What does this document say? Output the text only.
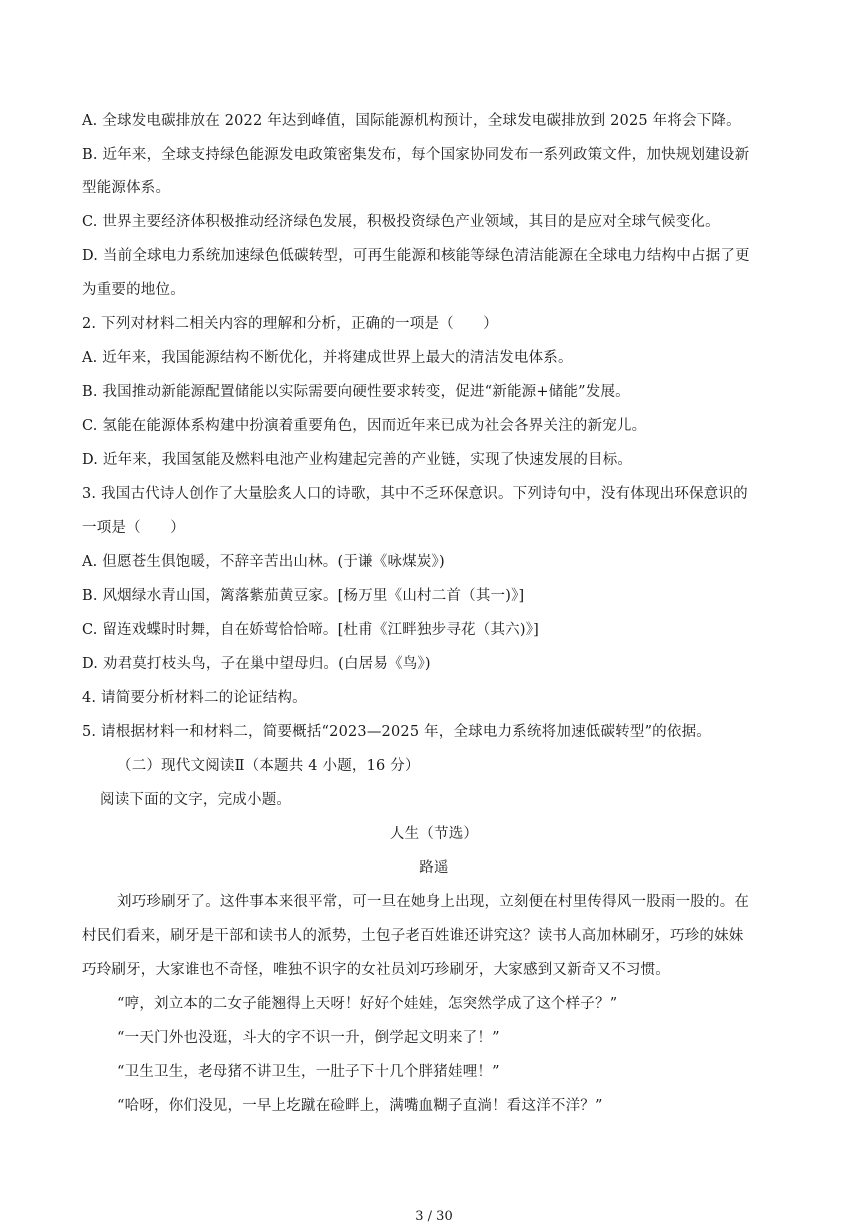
A. 全球发电碳排放在 2022 年达到峰值，国际能源机构预计，全球发电碳排放到 2025 年将会下降。
B. 近年来，全球支持绿色能源发电政策密集发布，每个国家协同发布一系列政策文件，加快规划建设新
型能源体系。
C. 世界主要经济体积极推动经济绿色发展，积极投资绿色产业领域，其目的是应对全球气候变化。
D. 当前全球电力系统加速绿色低碳转型，可再生能源和核能等绿色清洁能源在全球电力结构中占据了更
为重要的地位。
2. 下列对材料二相关内容的理解和分析，正确的一项是（　　）
A. 近年来，我国能源结构不断优化，并将建成世界上最大的清洁发电体系。
B. 我国推动新能源配置储能以实际需要向硬性要求转变，促进“新能源+储能”发展。
C. 氢能在能源体系构建中扮演着重要角色，因而近年来已成为社会各界关注的新宠儿。
D. 近年来，我国氢能及燃料电池产业构建起完善的产业链，实现了快速发展的目标。
3. 我国古代诗人创作了大量脍炙人口的诗歌，其中不乏环保意识。下列诗句中，没有体现出环保意识的
一项是（　　）
A. 但愿苍生俱饱暖，不辞辛苦出山林。(于谦《咏煤炭》)
B. 风烟绿水青山国，篱落紫茄黄豆家。[杨万里《山村二首（其一)》]
C. 留连戏蝶时时舞，自在娇莺恰恰啼。[杜甫《江畔独步寻花（其六)》]
D. 劝君莫打枝头鸟，子在巢中望母归。(白居易《鸟》)
4. 请简要分析材料二的论证结构。
5. 请根据材料一和材料二，简要概括“2023—2025 年，全球电力系统将加速低碳转型”的依据。
（二）现代文阅读Ⅱ（本题共 4 小题，16 分）
阅读下面的文字，完成小题。
人生（节选）
路遥
刘巧珍刷牙了。这件事本来很平常，可一旦在她身上出现，立刻便在村里传得风一股雨一股的。在
村民们看来，刷牙是干部和读书人的派势，土包子老百姓谁还讲究这？读书人高加林刷牙，巧珍的妹妹
巧玲刷牙，大家谁也不奇怪，唯独不识字的女社员刘巧珍刷牙，大家感到又新奇又不习惯。
“哼，刘立本的二女子能翘得上天呀！好好个娃娃，怎突然学成了这个样子？”
“一天门外也没逛，斗大的字不识一升，倒学起文明来了！”
“卫生卫生，老母猪不讲卫生，一肚子下十几个胖猪娃哩！”
“哈呀，你们没见，一早上圪蹴在硷畔上，满嘴血糊子直淌！看这洋不洋？”
3 / 30
